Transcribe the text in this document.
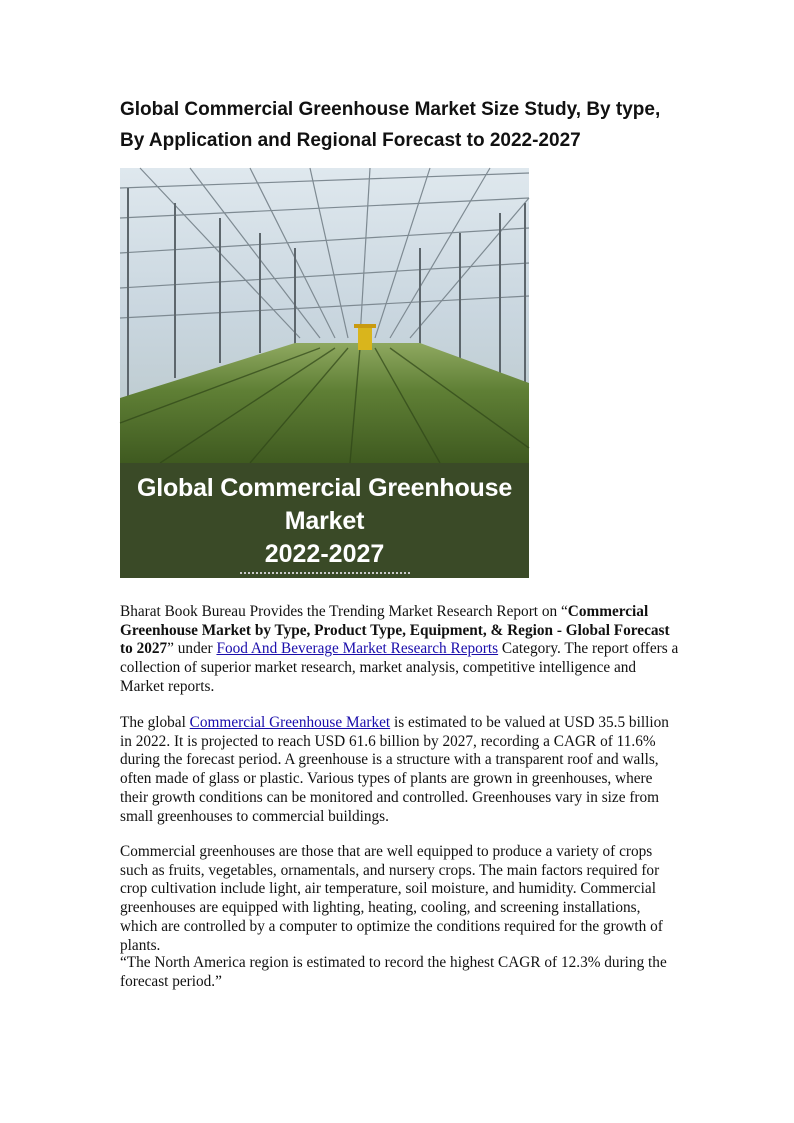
Global Commercial Greenhouse Market Size Study, By type,
By Application and Regional Forecast to 2022-2027
Global Commercial Greenhouse Market
2022-2027
www.bharatbook.com

Bharat Book Bureau Provides the Trending Market Research Report on “Commercial Greenhouse Market by Type, Product Type, Equipment, & Region - Global Forecast to 2027” under Food And Beverage Market Research Reports Category. The report offers a collection of superior market research, market analysis, competitive intelligence and Market reports.

The global Commercial Greenhouse Market is estimated to be valued at USD 35.5 billion in 2022. It is projected to reach USD 61.6 billion by 2027, recording a CAGR of 11.6% during the forecast period. A greenhouse is a structure with a transparent roof and walls, often made of glass or plastic. Various types of plants are grown in greenhouses, where their growth conditions can be monitored and controlled. Greenhouses vary in size from small greenhouses to commercial buildings.

Commercial greenhouses are those that are well equipped to produce a variety of crops such as fruits, vegetables, ornamentals, and nursery crops. The main factors required for crop cultivation include light, air temperature, soil moisture, and humidity. Commercial greenhouses are equipped with lighting, heating, cooling, and screening installations, which are controlled by a computer to optimize the conditions required for the growth of plants.

“The North America region is estimated to record the highest CAGR of 12.3% during the forecast period.”
